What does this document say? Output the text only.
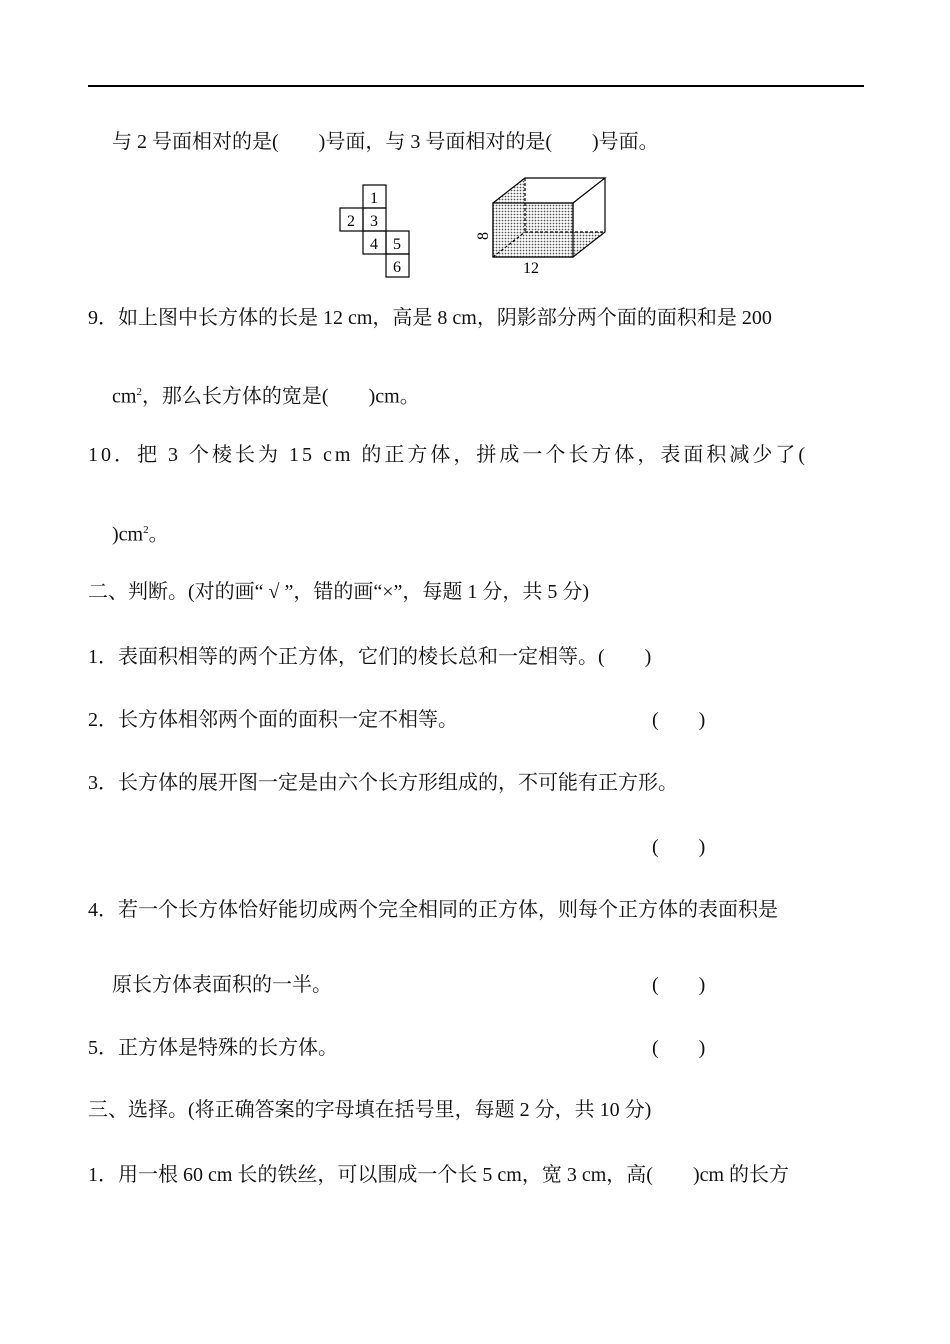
与 2 号面相对的是(        )号面，与 3 号面相对的是(        )号面。
1
2 3
4 5
6
8
12
9．如上图中长方体的长是 12 cm，高是 8 cm，阴影部分两个面的面积和是 200
$cm^2$，那么长方体的宽是(        )cm。
10．把 3 个棱长为 15 cm 的正方体，拼成一个长方体，表面积减少了(
)$cm^2$。
二、判断。(对的画“ √ ”，错的画“×”，每题 1 分，共 5 分)
1．表面积相等的两个正方体，它们的棱长总和一定相等。(        )
2．长方体相邻两个面的面积一定不相等。	(        )
3．长方体的展开图一定是由六个长方形组成的，不可能有正方形。
(        )
4．若一个长方体恰好能切成两个完全相同的正方体，则每个正方体的表面积是
原长方体表面积的一半。	(        )
5．正方体是特殊的长方体。	(        )
三、选择。(将正确答案的字母填在括号里，每题 2 分，共 10 分)
1．用一根 60 cm 长的铁丝，可以围成一个长 5 cm，宽 3 cm，高(        )cm 的长方
